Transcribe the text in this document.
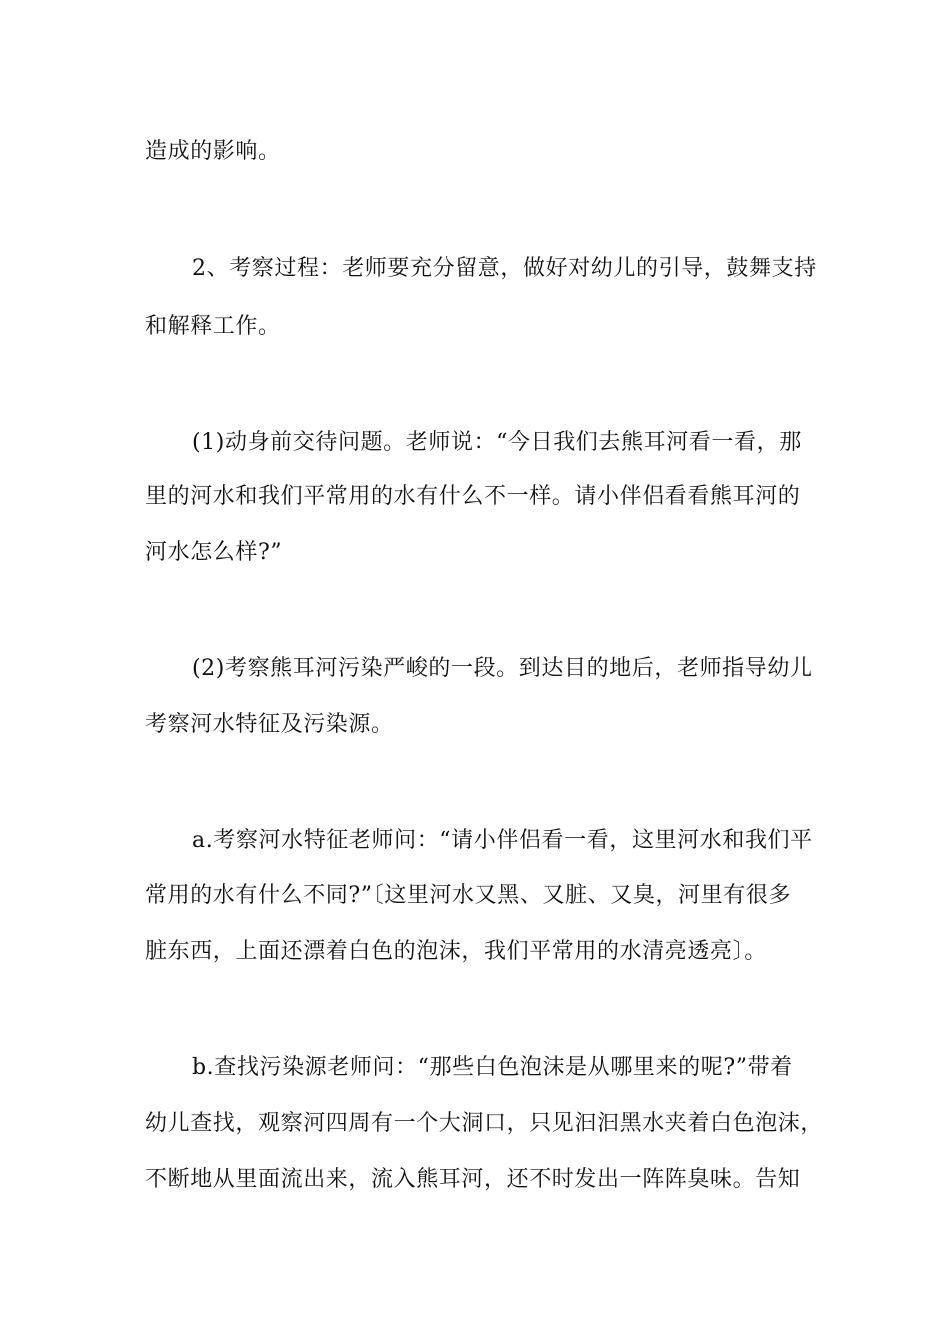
造成的影响。
2、考察过程：老师要充分留意，做好对幼儿的引导，鼓舞支持
和解释工作。
(1)动身前交待问题。老师说：“今日我们去熊耳河看一看，那
里的河水和我们平常用的水有什么不一样。请小伴侣看看熊耳河的
河水怎么样?”
(2)考察熊耳河污染严峻的一段。到达目的地后，老师指导幼儿
考察河水特征及污染源。
a.考察河水特征老师问：“请小伴侣看一看，这里河水和我们平
常用的水有什么不同?”〔这里河水又黑、又脏、又臭，河里有很多
脏东西，上面还漂着白色的泡沫，我们平常用的水清亮透亮〕。
b.查找污染源老师问：“那些白色泡沫是从哪里来的呢?”带着
幼儿查找，观察河四周有一个大洞口，只见汩汩黑水夹着白色泡沫，
不断地从里面流出来，流入熊耳河，还不时发出一阵阵臭味。告知
